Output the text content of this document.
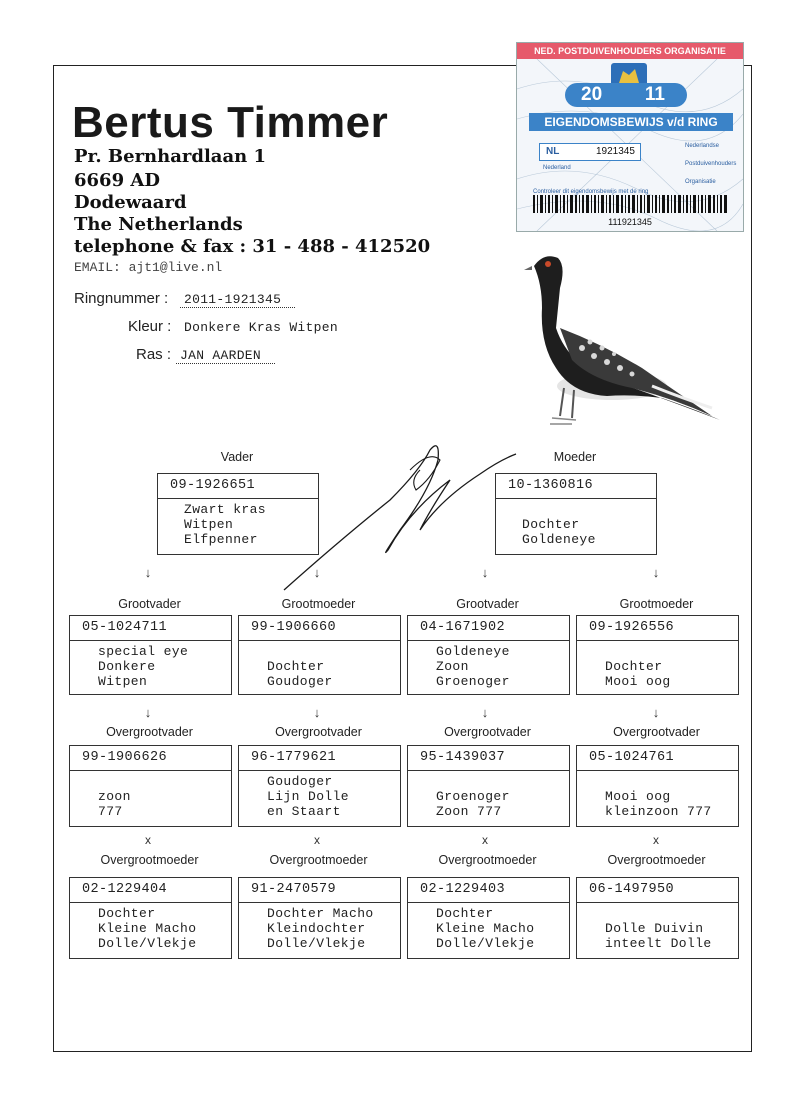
Bertus Timmer
Pr. Bernhardlaan 1
6669 AD
Dodewaard
The Netherlands
telephone & fax : 31 - 488 - 412520
EMAIL: ajt1@live.nl
Ringnummer :	2011-1921345
Kleur : Donkere Kras Witpen
Ras : JAN AARDEN
NED. POSTDUIVENHOUDERS ORGANISATIE
20 11
EIGENDOMSBEWIJS v/d RING
NL	1921345
Nederland
Nederlandse
Postduivenhouders
Organisatie
Controleer dit eigendomsbewijs met de ring
111921345
Vader
09-1926651
Zwart kras
Witpen
Elfpenner
Moeder
10-1360816

Dochter
Goldeneye
↓	↓	↓	↓
Grootvader
05-1024711
special eye
Donkere
Witpen
Grootmoeder
99-1906660

Dochter
Goudoger
Grootvader
04-1671902
Goldeneye
Zoon
Groenoger
Grootmoeder
09-1926556

Dochter
Mooi oog
↓	↓	↓	↓
Overgrootvader
99-1906626

zoon
777
Overgrootvader
96-1779621
Goudoger
Lijn Dolle
en Staart
Overgrootvader
95-1439037

Groenoger
Zoon 777
Overgrootvader
05-1024761

Mooi oog
kleinzoon 777
x	x	x	x
Overgrootmoeder
02-1229404
Dochter
Kleine Macho
Dolle/Vlekje
Overgrootmoeder
91-2470579
Dochter Macho
Kleindochter
Dolle/Vlekje
Overgrootmoeder
02-1229403
Dochter
Kleine Macho
Dolle/Vlekje
Overgrootmoeder
06-1497950

Dolle Duivin
inteelt Dolle
